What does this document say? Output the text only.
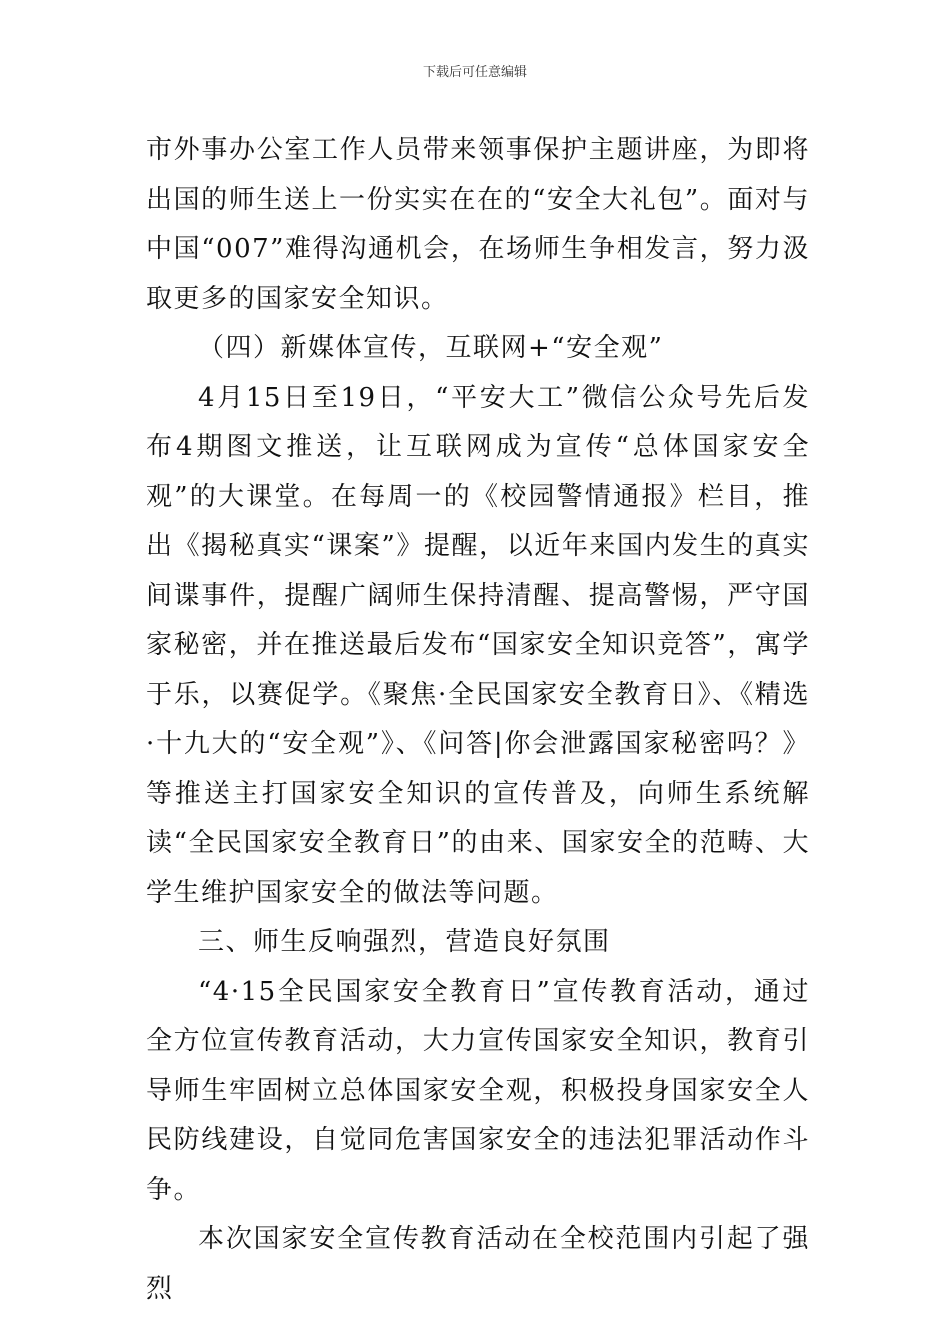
下载后可任意编辑

市外事办公室工作人员带来领事保护主题讲座，为即将出国的师生送上一份实实在在的“安全大礼包”。面对与中国“007”难得沟通机会，在场师生争相发言，努力汲取更多的国家安全知识。

（四）新媒体宣传，互联网+“安全观”

4月15日至19日，“平安大工”微信公众号先后发布4期图文推送，让互联网成为宣传“总体国家安全观”的大课堂。在每周一的《校园警情通报》栏目，推出《揭秘真实“课案”》提醒，以近年来国内发生的真实间谍事件，提醒广阔师生保持清醒、提高警惕，严守国家秘密，并在推送最后发布“国家安全知识竞答”，寓学于乐，以赛促学。《聚焦·全民国家安全教育日》、《精选·十九大的“安全观”》、《问答|你会泄露国家秘密吗？》等推送主打国家安全知识的宣传普及，向师生系统解读“全民国家安全教育日”的由来、国家安全的范畴、大学生维护国家安全的做法等问题。

三、师生反响强烈，营造良好氛围

“4·15全民国家安全教育日”宣传教育活动，通过全方位宣传教育活动，大力宣传国家安全知识，教育引导师生牢固树立总体国家安全观，积极投身国家安全人民防线建设，自觉同危害国家安全的违法犯罪活动作斗争。

本次国家安全宣传教育活动在全校范围内引起了强烈
